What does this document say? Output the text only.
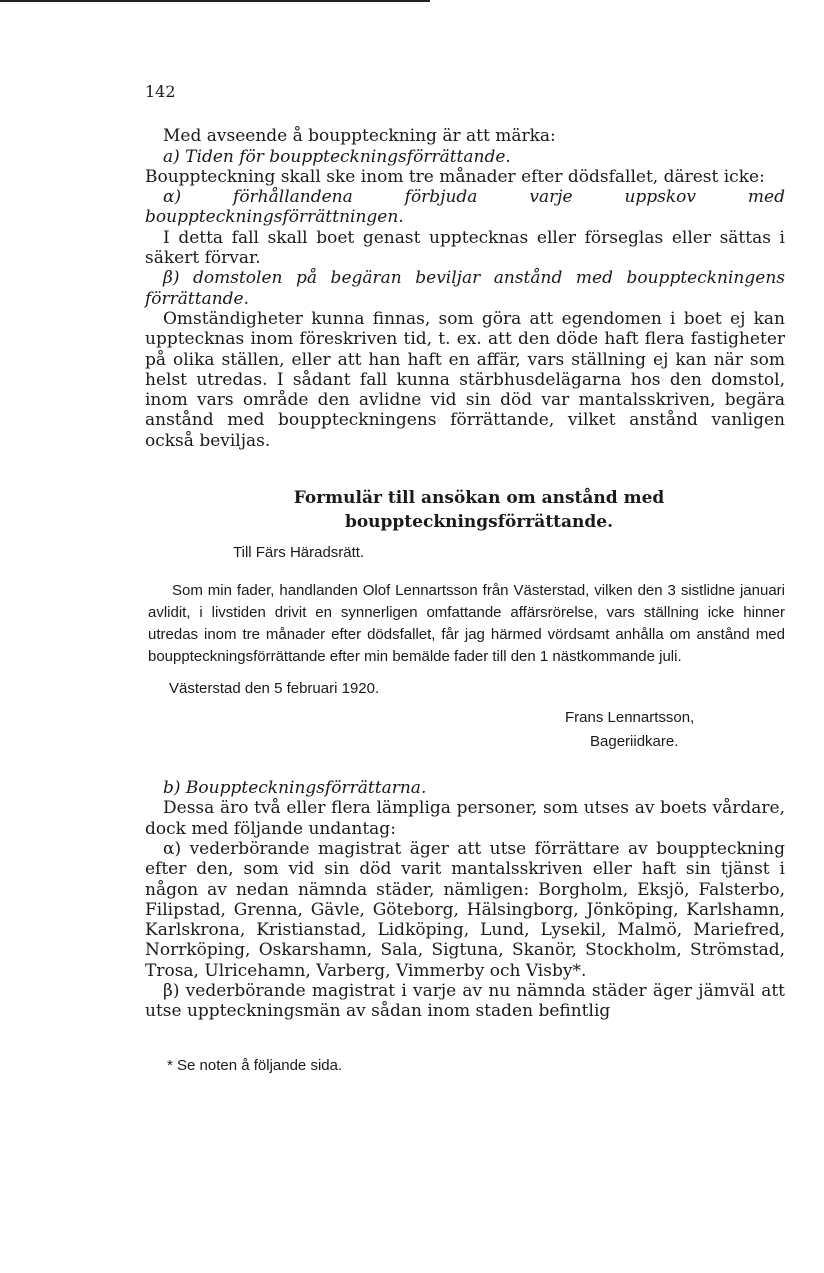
142

Med avseende å bouppteckning är att märka:

a) Tiden för bouppteckningsförrättande.

Bouppteckning skall ske inom tre månader efter dödsfallet, därest icke:

α) förhållandena förbjuda varje uppskov med bouppteckningsförrättningen.

I detta fall skall boet genast upptecknas eller förseglas eller sättas i säkert förvar.

β) domstolen på begäran beviljar anstånd med bouppteckningens förrättande.

Omständigheter kunna finnas, som göra att egendomen i boet ej kan upptecknas inom föreskriven tid, t. ex. att den döde haft flera fastigheter på olika ställen, eller att han haft en affär, vars ställning ej kan när som helst utredas. I sådant fall kunna stärbhusdelägarna hos den domstol, inom vars område den avlidne vid sin död var mantalsskriven, begära anstånd med bouppteckningens förrättande, vilket anstånd vanligen också beviljas.

Formulär till ansökan om anstånd med bouppteckningsförrättande.
Till Färs Häradsrätt.

Som min fader, handlanden Olof Lennartsson från Västerstad, vilken den 3 sistlidne januari avlidit, i livstiden drivit en synnerligen omfattande affärsrörelse, vars ställning icke hinner utredas inom tre månader efter dödsfallet, får jag härmed vördsamt anhålla om anstånd med bouppteckningsförrättande efter min bemälde fader till den 1 nästkommande juli.

Västerstad den 5 februari 1920.
Frans Lennartsson,
Bageriidkare.

b) Bouppteckningsförrättarna.

Dessa äro två eller flera lämpliga personer, som utses av boets vårdare, dock med följande undantag:

α) vederbörande magistrat äger att utse förrättare av bouppteckning efter den, som vid sin död varit mantalsskriven eller haft sin tjänst i någon av nedan nämnda städer, nämligen: Borgholm, Eksjö, Falsterbo, Filipstad, Grenna, Gävle, Göteborg, Hälsingborg, Jönköping, Karlshamn, Karlskrona, Kristianstad, Lidköping, Lund, Lysekil, Malmö, Mariefred, Norrköping, Oskarshamn, Sala, Sigtuna, Skanör, Stockholm, Strömstad, Trosa, Ulricehamn, Varberg, Vimmerby och Visby*.

β) vederbörande magistrat i varje av nu nämnda städer äger jämväl att utse uppteckningsmän av sådan inom staden befintlig

* Se noten å följande sida.
